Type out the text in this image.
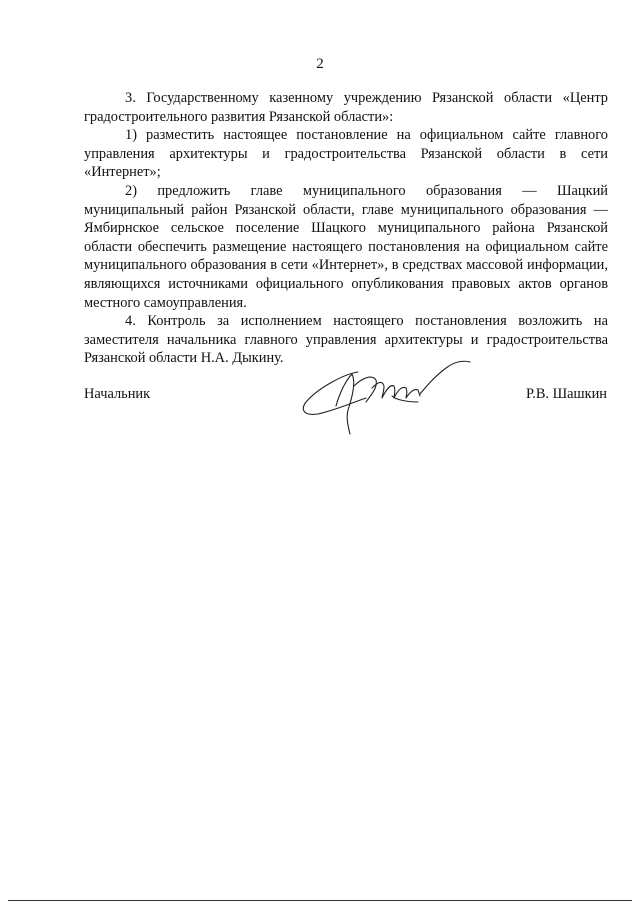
2

3. Государственному казенному учреждению Рязанской области «Центр градостроительного развития Рязанской области»:

1) разместить настоящее постановление на официальном сайте главного управления архитектуры и градостроительства Рязанской области в сети «Интернет»;

2) предложить главе муниципального образования — Шацкий муниципальный район Рязанской области, главе муниципального образования — Ямбирнское сельское поселение Шацкого муниципального района Рязанской области обеспечить размещение настоящего постановления на официальном сайте муниципального образования в сети «Интернет», в средствах массовой информации, являющихся источниками официального опубликования правовых актов органов местного самоуправления.

4. Контроль за исполнением настоящего постановления возложить на заместителя начальника главного управления архитектуры и градостроительства Рязанской области Н.А. Дыкину.

Начальник	Р.В. Шашкин
